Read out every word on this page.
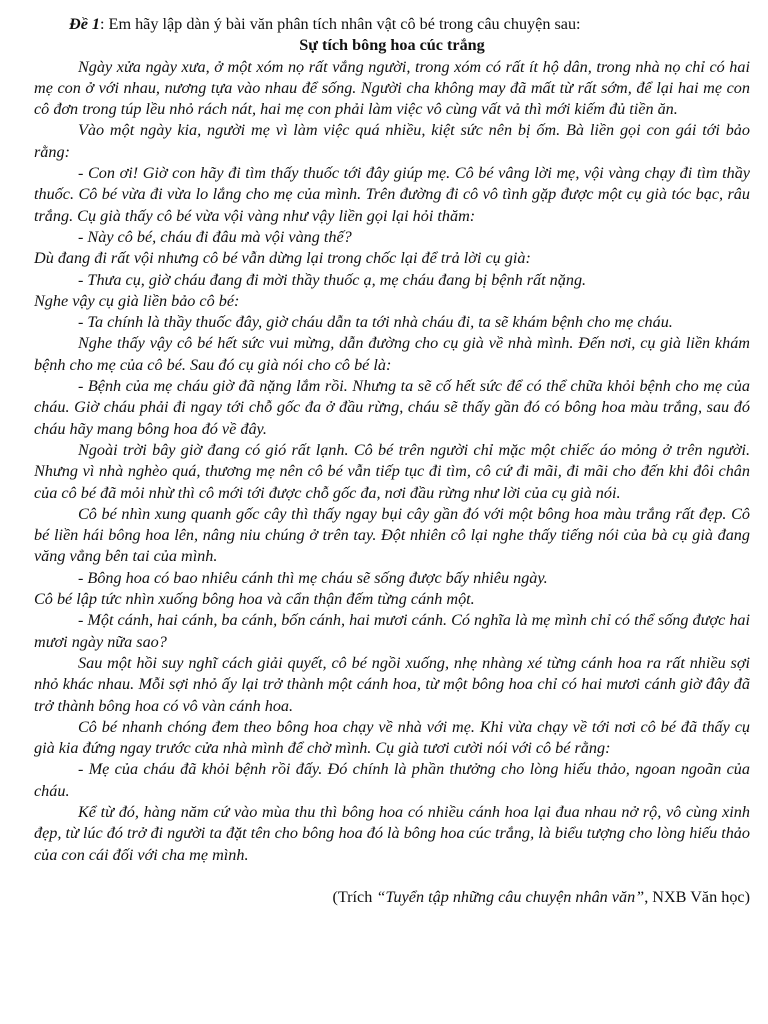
Đề 1: Em hãy lập dàn ý bài văn phân tích nhân vật cô bé trong câu chuyện sau:

Sự tích bông hoa cúc trắng

Ngày xửa ngày xưa, ở một xóm nọ rất vắng người, trong xóm có rất ít hộ dân, trong nhà nọ chỉ có hai mẹ con ở với nhau, nương tựa vào nhau để sống. Người cha không may đã mất từ rất sớm, để lại hai mẹ con cô đơn trong túp lều nhỏ rách nát, hai mẹ con phải làm việc vô cùng vất vả thì mới kiếm đủ tiền ăn.

Vào một ngày kia, người mẹ vì làm việc quá nhiều, kiệt sức nên bị ốm. Bà liền gọi con gái tới bảo rằng:

- Con ơi! Giờ con hãy đi tìm thấy thuốc tới đây giúp mẹ. Cô bé vâng lời mẹ, vội vàng chạy đi tìm thầy thuốc. Cô bé vừa đi vừa lo lắng cho mẹ của mình. Trên đường đi cô vô tình gặp được một cụ già tóc bạc, râu trắng. Cụ già thấy cô bé vừa vội vàng như vậy liền gọi lại hỏi thăm:

- Này cô bé, cháu đi đâu mà vội vàng thế?

Dù đang đi rất vội nhưng cô bé vẫn dừng lại trong chốc lại để trả lời cụ già:

- Thưa cụ, giờ cháu đang đi mời thầy thuốc ạ, mẹ cháu đang bị bệnh rất nặng.

Nghe vậy cụ già liền bảo cô bé:

- Ta chính là thầy thuốc đây, giờ cháu dẫn ta tới nhà cháu đi, ta sẽ khám bệnh cho mẹ cháu.

Nghe thấy vậy cô bé hết sức vui mừng, dẫn đường cho cụ già về nhà mình. Đến nơi, cụ già liền khám bệnh cho mẹ của cô bé. Sau đó cụ già nói cho cô bé là:

- Bệnh của mẹ cháu giờ đã nặng lắm rồi. Nhưng ta sẽ cố hết sức để có thể chữa khỏi bệnh cho mẹ của cháu. Giờ cháu phải đi ngay tới chỗ gốc đa ở đầu rừng, cháu sẽ thấy gần đó có bông hoa màu trắng, sau đó cháu hãy mang bông hoa đó về đây.

Ngoài trời bây giờ đang có gió rất lạnh. Cô bé trên người chỉ mặc một chiếc áo mỏng ở trên người. Nhưng vì nhà nghèo quá, thương mẹ nên cô bé vẫn tiếp tục đi tìm, cô cứ đi mãi, đi mãi cho đến khi đôi chân của cô bé đã mỏi nhừ thì cô mới tới được chỗ gốc đa, nơi đầu rừng như lời của cụ già nói.

Cô bé nhìn xung quanh gốc cây thì thấy ngay bụi cây gần đó với một bông hoa màu trắng rất đẹp. Cô bé liền hái bông hoa lên, nâng niu chúng ở trên tay. Đột nhiên cô lại nghe thấy tiếng nói của bà cụ già đang văng vẳng bên tai của mình.

- Bông hoa có bao nhiêu cánh thì mẹ cháu sẽ sống được bấy nhiêu ngày.

Cô bé lập tức nhìn xuống bông hoa và cẩn thận đếm từng cánh một.

- Một cánh, hai cánh, ba cánh, bốn cánh, hai mươi cánh. Có nghĩa là mẹ mình chỉ có thể sống được hai mươi ngày nữa sao?

Sau một hồi suy nghĩ cách giải quyết, cô bé ngồi xuống, nhẹ nhàng xé từng cánh hoa ra rất nhiều sợi nhỏ khác nhau. Mỗi sợi nhỏ ấy lại trở thành một cánh hoa, từ một bông hoa chỉ có hai mươi cánh giờ đây đã trở thành bông hoa có vô vàn cánh hoa.

Cô bé nhanh chóng đem theo bông hoa chạy về nhà với mẹ. Khi vừa chạy về tới nơi cô bé đã thấy cụ già kia đứng ngay trước cửa nhà mình để chờ mình. Cụ già tươi cười nói với cô bé rằng:

- Mẹ của cháu đã khỏi bệnh rồi đấy. Đó chính là phần thưởng cho lòng hiếu thảo, ngoan ngoãn của cháu.

Kể từ đó, hàng năm cứ vào mùa thu thì bông hoa có nhiều cánh hoa lại đua nhau nở rộ, vô cùng xinh đẹp, từ lúc đó trở đi người ta đặt tên cho bông hoa đó là bông hoa cúc trắng, là biểu tượng cho lòng hiếu thảo của con cái đối với cha mẹ mình.

(Trích “Tuyển tập những câu chuyện nhân văn”, NXB Văn học)
